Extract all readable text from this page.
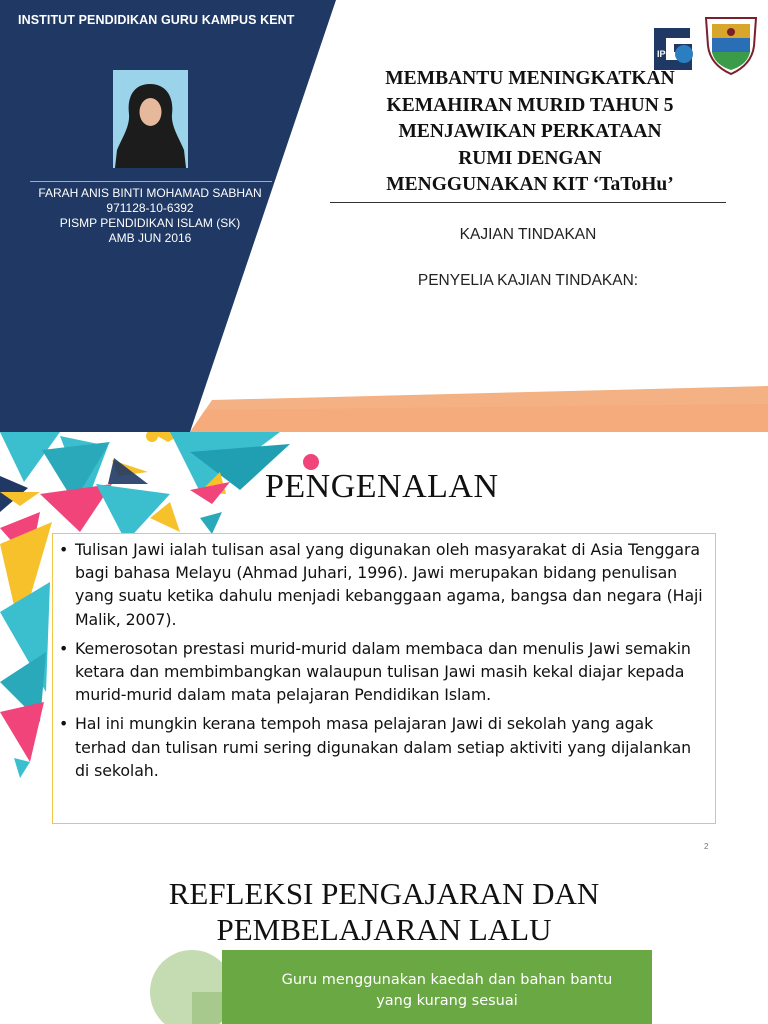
INSTITUT PENDIDIKAN GURU KAMPUS KENT
FARAH ANIS BINTI MOHAMAD SABHAN
971128-10-6392
PISMP PENDIDIKAN ISLAM (SK)
AMB JUN 2016
IPG
MEMBANTU MENINGKATKAN
KEMAHIRAN MURID TAHUN 5
MENJAWIKAN PERKATAAN
RUMI DENGAN
MENGGUNAKAN KIT ‘TaToHu’
KAJIAN TINDAKAN
PENYELIA KAJIAN TINDAKAN:
PENGENALAN
• Tulisan Jawi ialah tulisan asal yang digunakan oleh masyarakat di Asia Tenggara bagi bahasa Melayu (Ahmad Juhari, 1996). Jawi merupakan bidang penulisan yang suatu ketika dahulu menjadi kebanggaan agama, bangsa dan negara (Haji Malik, 2007).
• Kemerosotan prestasi murid-murid dalam membaca dan menulis Jawi semakin ketara dan membimbangkan walaupun tulisan Jawi masih kekal diajar kepada murid-murid dalam mata pelajaran Pendidikan Islam.
• Hal ini mungkin kerana tempoh masa pelajaran Jawi di sekolah yang agak terhad dan tulisan rumi sering digunakan dalam setiap aktiviti yang dijalankan di sekolah.
2
REFLEKSI PENGAJARAN DAN
PEMBELAJARAN LALU
Guru menggunakan kaedah dan bahan bantu yang kurang sesuai
